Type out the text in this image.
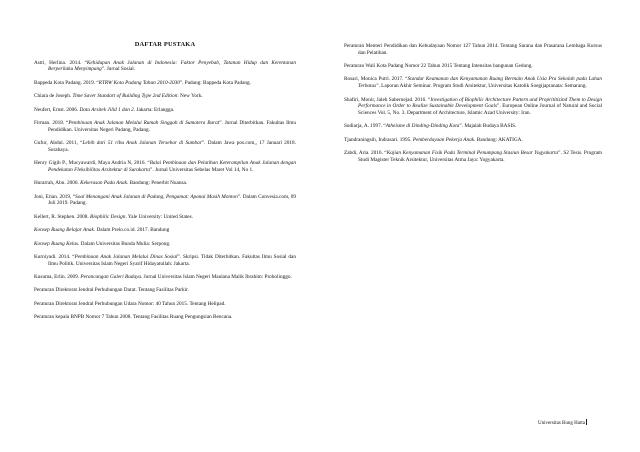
DAFTAR PUSTAKA
Astri, Herlina. 2014. “Kehidupan Anak Jalanan di Indonesia: Faktor Penyebab, Tatanan Hidup dan Kerentanan Berperilaku Menyimpang”. Jurnal Sosial.
Bappeda Kota Padang. 2019. “RTRW Kota Padang Tahun 2010-2030”. Padang: Bappeda Kota Padang.
Chiara de Joseph. Time Saver Standart of Building Type 2nd Edition: New York.
Neufert, Ernst. 2006. Data Arsitek Jilid 1 dan 2. Jakarta: Erlangga.
Firman. 2018. “Pembinaan Anak Jalanan Melalui Rumah Singgah di Sumatera Barat”. Jurnal Diterbitkan. Fakultas Ilmu Pendidikan. Universitas Negeri Padang, Padang.
Gufur, Abdul. 2011, “Lebih dari 51 ribu Anak Jalanan Tersebar di Sumbar”. Dalam Jawa pos.com,, 17 Januari 2018. Surabaya.
Henry Gigih P., Mucyawardi, Maya Andria N, 2016. “Balai Pembinaan dan Pelatihan Keterampilan Anak Jalanan dengan Pendekatan Fleksibilitas Arsitektur di Surakarta”. Jurnal Universitas Sebelas Maret Vol 14, No 1.
Hurarrah, Abu. 2006. Kekerasan Pada Anak. Bandung: Penerbit Nuansa.
Joni, Erian. 2019, “Soal Menangani Anak Jalanan di Padang, Pengamat: Apanai Masih Monton”. Dalam Convesia.com, 09 Juli 2019. Padang.
Kellert, R. Stephen. 2008. Biophilic Design. Yale University: United States.
Konsep Ruang Belajar Anak. Dalam Prelo.co.id. 2017. Bandung
Konsep Ruang Kelas. Dalam Universitas Bunda Mulia: Serpong.
Kurniyadi. 2014. “Pembinaan Anak Jalanan Melalui Dinas Sosial”. Skripsi. Tidak Diterbitkan. Fakultas Ilmu Sosial dan Ilmu Politik. Universitas Islam Negeri Syarif Hidayatullah: Jakarta.
Kusuma, Erlin. 2009. Perancangan Galeri Budaya. Jurnal Universitas Islam Negeri Maulana Malik Ibrahim: Probolinggo.
Peraturan Direktorat Jendral Perhubungan Darat. Tentang Fasilitas Parkir.
Peraturan Direktorat Jendral Perhubungan Udara Nomor: 40 Tahun 2015. Tentang Helipad.
Peraturan kepala BNPB Nomor 7 Tahun 2008. Tentang Fasilitas Ruang Pengungsian Bencana.
Peraturan Menteri Pendidikan dan Kebudayaan Nomor 127 Tahun 2014. Tentang Sarana dan Prasarana Lembaga Kursus dan Pelatihan.
Peraturan Wali Kota Padang Nomor 22 Tahun 2015 Tentang Intensitas bangunan Gedung.
Rosari, Monica Putri. 2017. “Standar Keamanan dan Kenyamanan Ruang Bermain Anak Usia Pra Sekolah pada Lahan Terbatas”. Laporan Akhir Seminar. Program Studi Arsitektur, Universitas Katolik Soegijapranata: Semarang.
Shafiri, Monir, Jaleh Sabernejad. 2016. “Investigation of Biophilic Architecture Pattern and Proprititizind Them to Design Performance in Order to Realize Sustainable Development Goals”. European Online Journal of Natural and Social Sciences Vol. 5, No. 3. Department of Architecture, Islamic Azad University: Iran.
Sudiarja, A. 1997. “Atheisme di Dinding-Dinding Kota”. Majalah Budaya BASIS.
Tjandraningsih, Indrasari. 1995. Pemberdayaan Pekerja Anak. Bandung: AKATIGA.
Zabdi, Aria. 2016. “Kajian Kenyamanan Fisik Pada Terminal Penumpang Stasiun Besar Yogyakarta”. S2 Tesis. Program Studi Magister Teknik Arsitektur, Universitas Atma Jaya: Yogyakarta.
Universitas Bung Hatta
